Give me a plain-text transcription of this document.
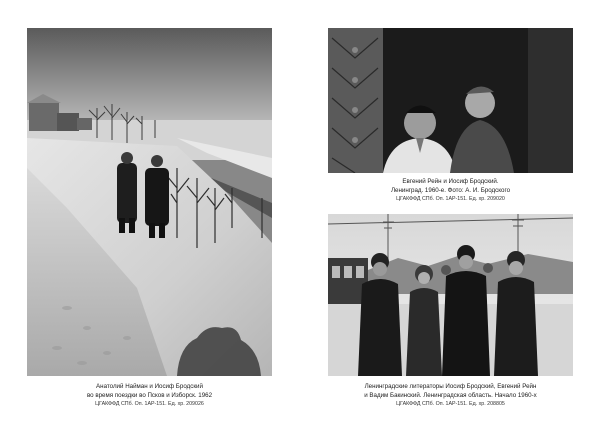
Анатолий Найман и Иосиф Бродский
во время поездки во Псков и Изборск. 1962
ЦГАКФФД СПб. Оп. 1АР-151. Ед. хр. 209026
Евгений Рейн и Иосиф Бродский.
Ленинград. 1960-е. Фото: А. И. Бродского
ЦГАКФФД СПб. Оп. 1АР-151. Ед. хр. 209020
Ленинградские литераторы Иосиф Бродский, Евгений Рейн
и Вадим Бакинский. Ленинградская область. Начало 1960-х
ЦГАКФФД СПб. Оп. 1АР-151. Ед. хр. 208805
